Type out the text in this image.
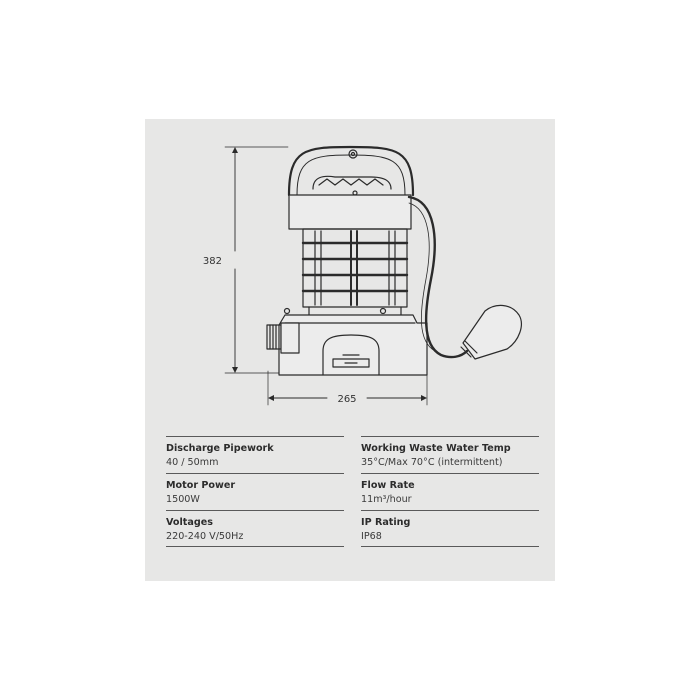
382
265
Discharge Pipework
40 / 50mm
Motor Power
1500W
Voltages
220-240 V/50Hz
Working Waste Water Temp
35°C/Max 70°C (intermittent)
Flow Rate
11m³/hour
IP Rating
IP68
